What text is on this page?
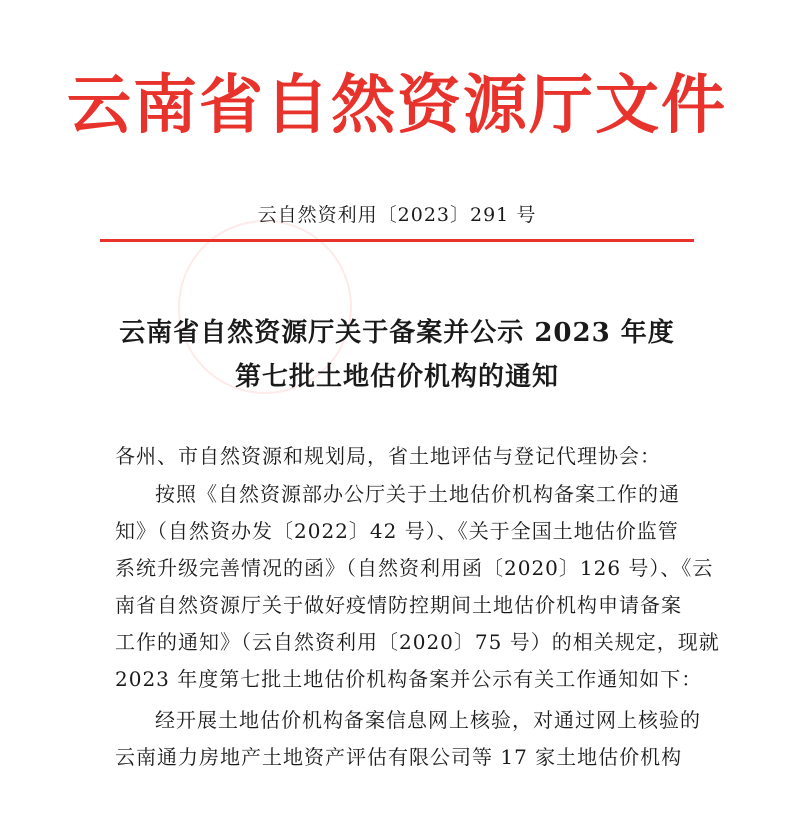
云南省自然资源厅文件
云自然资利用〔2023〕291 号
云南省自然资源厅关于备案并公示 2023 年度
第七批土地估价机构的通知
各州、市自然资源和规划局，省土地评估与登记代理协会：
按照《自然资源部办公厅关于土地估价机构备案工作的通
知》（自然资办发〔2022〕42 号）、《关于全国土地估价监管
系统升级完善情况的函》（自然资利用函〔2020〕126 号）、《云
南省自然资源厅关于做好疫情防控期间土地估价机构申请备案
工作的通知》（云自然资利用〔2020〕75 号）的相关规定，现就
2023 年度第七批土地估价机构备案并公示有关工作通知如下：
经开展土地估价机构备案信息网上核验，对通过网上核验的
云南通力房地产土地资产评估有限公司等 17 家土地估价机构
